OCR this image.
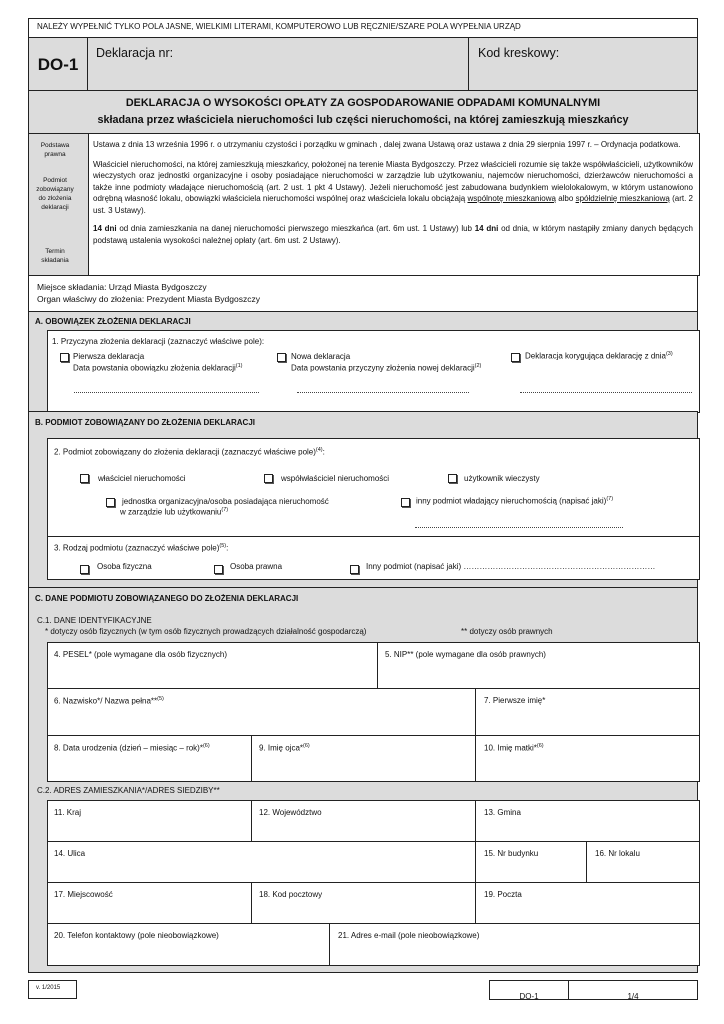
NALEŻY WYPEŁNIĆ TYLKO POLA JASNE, WIELKIMI LITERAMI, KOMPUTEROWO LUB RĘCZNIE/SZARE POLA WYPEŁNIA URZĄD
DO-1
Deklaracja nr:	Kod kreskowy:
DEKLARACJA O WYSOKOŚCI OPŁATY ZA GOSPODAROWANIE ODPADAMI KOMUNALNYMI
składana przez właściciela nieruchomości lub części nieruchomości, na której zamieszkują mieszkańcy
Podstawa prawna
Podmiot zobowiązany do złożenia deklaracji
Termin składania
Ustawa z dnia 13 września 1996 r. o utrzymaniu czystości i porządku w gminach , dalej zwana Ustawą oraz ustawa z dnia 29 sierpnia 1997 r. – Ordynacja podatkowa.
Właściciel nieruchomości, na której zamieszkują mieszkańcy, położonej na terenie Miasta Bydgoszczy. Przez właścicieli rozumie się także współwłaścicieli, użytkowników wieczystych oraz jednostki organizacyjne i osoby posiadające nieruchomości w zarządzie lub użytkowaniu, najemców nieruchomości, dzierżawców nieruchomości a także inne podmioty władające nieruchomością (art. 2 ust. 1 pkt 4 Ustawy). Jeżeli nieruchomość jest zabudowana budynkiem wielolokalowym, w którym ustanowiono odrębną własność lokalu, obowiązki właściciela nieruchomości wspólnej oraz właściciela lokalu obciążają wspólnotę mieszkaniową albo spółdzielnię mieszkaniową (art. 2 ust. 3 Ustawy).
14 dni od dnia zamieszkania na danej nieruchomości pierwszego mieszkańca (art. 6m ust. 1 Ustawy) lub 14 dni od dnia, w którym nastąpiły zmiany danych będących podstawą ustalenia wysokości należnej opłaty (art. 6m ust. 2 Ustawy).
Miejsce składania: Urząd Miasta Bydgoszczy
Organ właściwy do złożenia: Prezydent Miasta Bydgoszczy
A. OBOWIĄZEK ZŁOŻENIA DEKLARACJI
1. Przyczyna złożenia deklaracji (zaznaczyć właściwe pole):
Pierwsza deklaracja
Data powstania obowiązku złożenia deklaracji$^{(1)}$
Nowa deklaracja
Data powstania przyczyny złożenia nowej deklaracji$^{(2)}$
Deklaracja korygująca deklarację z dnia$^{(3)}$
B. PODMIOT ZOBOWIĄZANY DO ZŁOŻENIA DEKLARACJI
2. Podmiot zobowiązany do złożenia deklaracji (zaznaczyć właściwe pole)$^{(4)}$:
właściciel nieruchomości	współwłaściciel nieruchomości	użytkownik wieczysty
jednostka organizacyjna/osoba posiadająca nieruchomość
w zarządzie lub użytkowaniu$^{(7)}$
inny podmiot władający nieruchomością (napisać jaki)$^{(7)}$
3. Rodzaj podmiotu (zaznaczyć właściwe pole)$^{(5)}$:
Osoba fizyczna	Osoba prawna	Inny podmiot (napisać jaki) ………………………………………………………………
C. DANE PODMIOTU ZOBOWIĄZANEGO DO ZŁOŻENIA DEKLARACJI
C.1. DANE IDENTYFIKACYJNE
* dotyczy osób fizycznych (w tym osób fizycznych prowadzących działalność gospodarczą)	** dotyczy osób prawnych
4. PESEL* (pole wymagane dla osób fizycznych)	5. NIP** (pole wymagane dla osób prawnych)
6. Nazwisko*/ Nazwa pełna**$^{(5)}$	7. Pierwsze imię*
8. Data urodzenia (dzień – miesiąc – rok)*$^{(6)}$	9. Imię ojca*$^{(6)}$	10. Imię matki*$^{(6)}$
C.2. ADRES ZAMIESZKANIA*/ADRES SIEDZIBY**
11. Kraj	12. Województwo	13. Gmina
14. Ulica	15. Nr budynku	16. Nr lokalu
17. Miejscowość	18. Kod pocztowy	19. Poczta
20. Telefon kontaktowy (pole nieobowiązkowe)	21. Adres e-mail (pole nieobowiązkowe)
v. 1/2015
DO-1	1/4
